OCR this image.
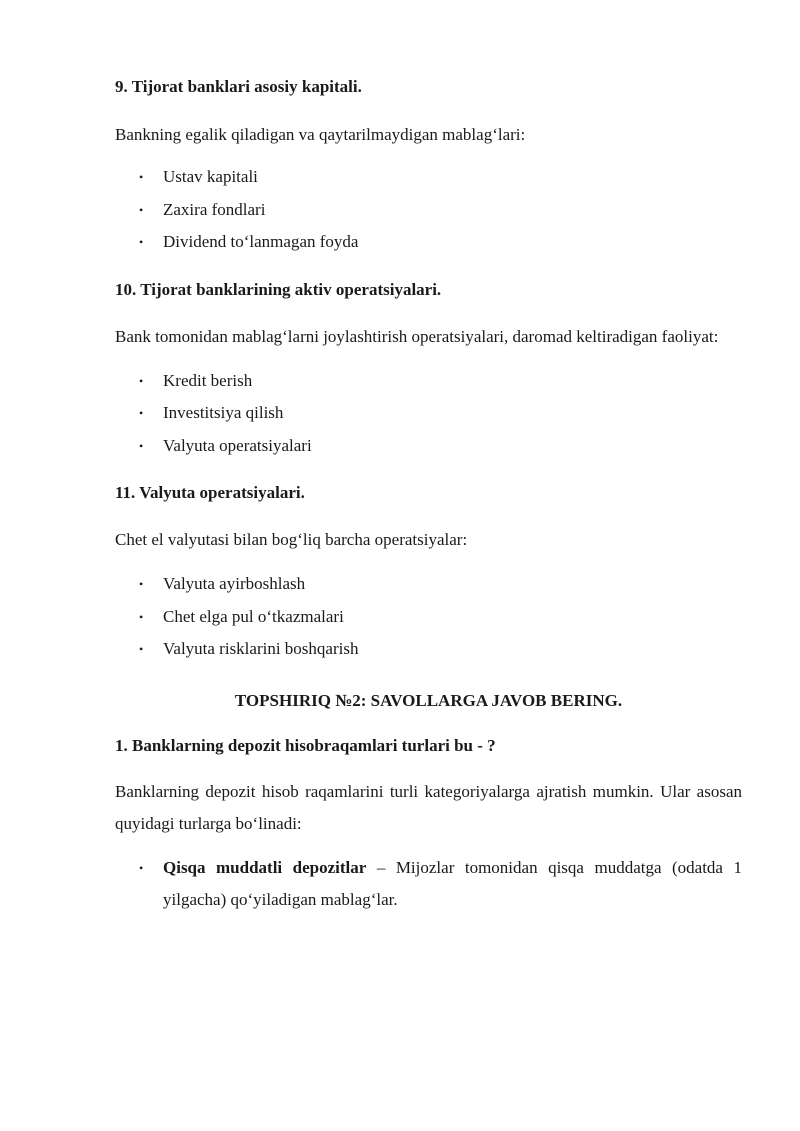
9. Tijorat banklari asosiy kapitali.

Bankning egalik qiladigan va qaytarilmaydigan mablag‘lari:

• Ustav kapitali
• Zaxira fondlari
• Dividend to‘lanmagan foyda

10. Tijorat banklarining aktiv operatsiyalari.

Bank tomonidan mablag‘larni joylashtirish operatsiyalari, daromad keltiradigan faoliyat:

• Kredit berish
• Investitsiya qilish
• Valyuta operatsiyalari

11. Valyuta operatsiyalari.

Chet el valyutasi bilan bog‘liq barcha operatsiyalar:

• Valyuta ayirboshlash
• Chet elga pul o‘tkazmalari
• Valyuta risklarini boshqarish

TOPSHIRIQ №2: SAVOLLARGA JAVOB BERING.

1. Banklarning depozit hisobraqamlari turlari bu - ?

Banklarning depozit hisob raqamlarini turli kategoriyalarga ajratish mumkin. Ular asosan quyidagi turlarga bo‘linadi:

• Qisqa muddatli depozitlar – Mijozlar tomonidan qisqa muddatga (odatda 1 yilgacha) qo‘yiladigan mablag‘lar.
